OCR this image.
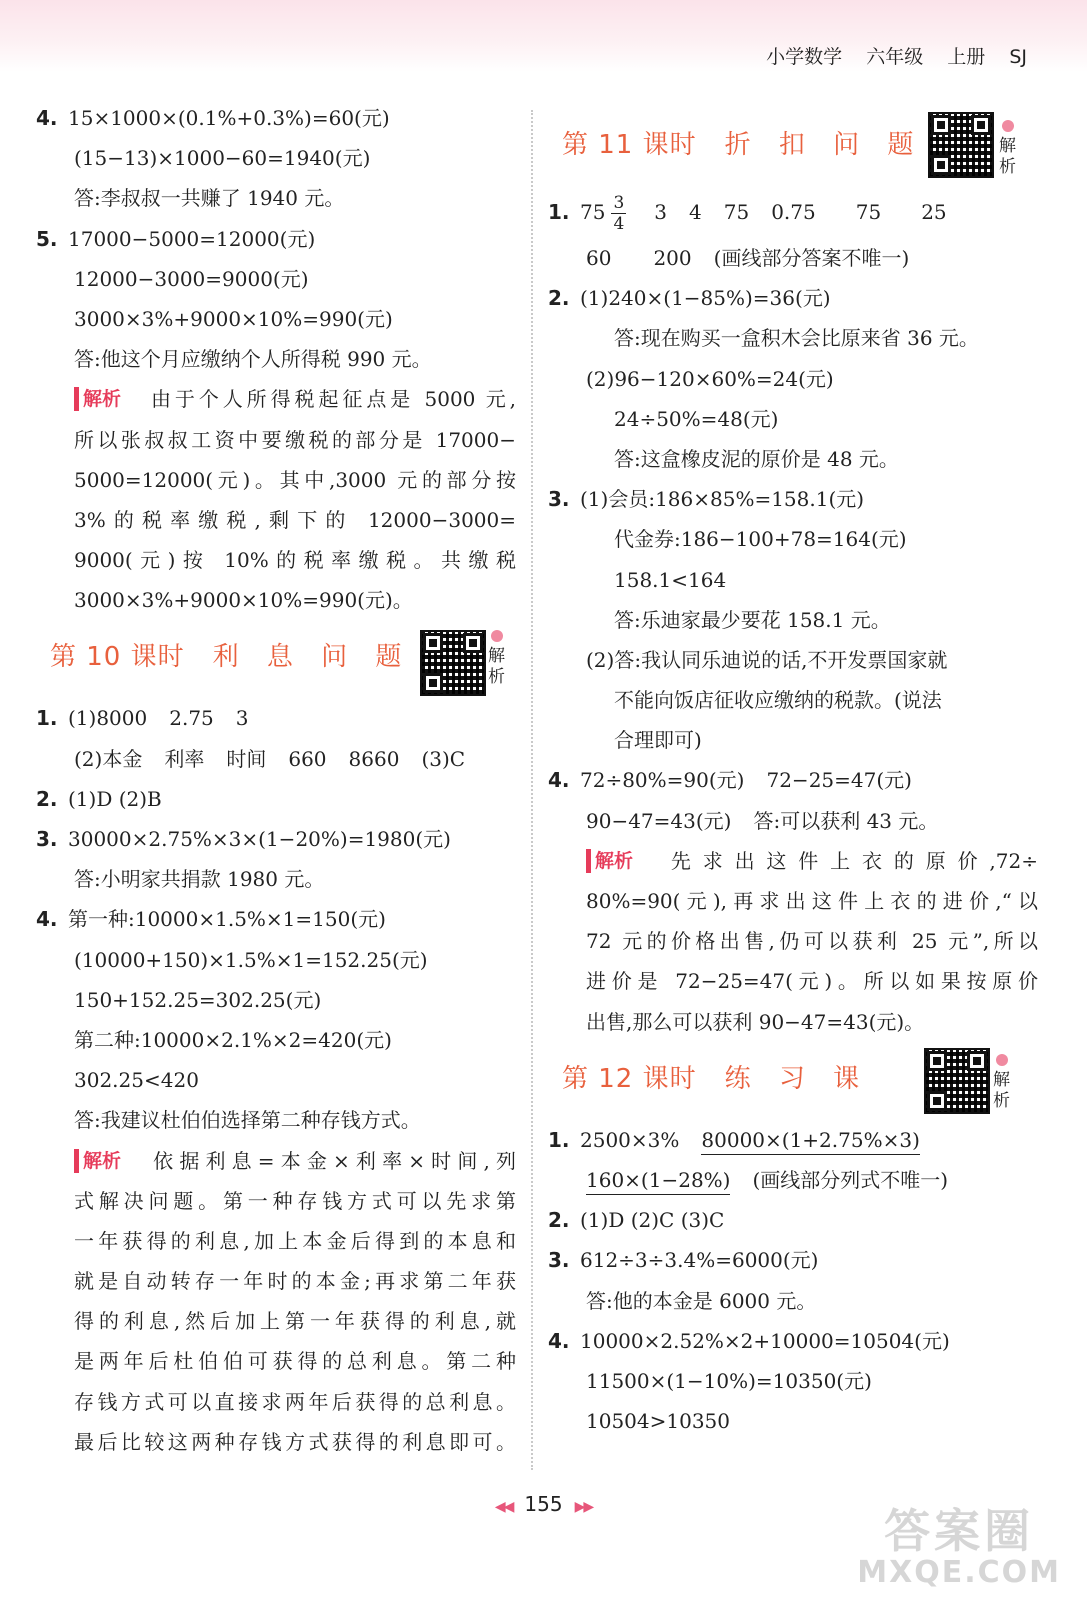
小学数学 六年级 上册 SJ
4. 15×1000×(0.1%+0.3%)=60(元)
(15−13)×1000−60=1940(元)
答:李叔叔一共赚了 1940 元。
5. 17000−5000=12000(元)
12000−3000=9000(元)
3000×3%+9000×10%=990(元)
答:他这个月应缴纳个人所得税 990 元。
解析 由于个人所得税起征点是 5000 元,
所以张叔叔工资中要缴税的部分是 17000−
5000=12000(元)。其中,3000 元的部分按
3%的税率缴税,剩下的 12000−3000=
9000(元)按 10%的税率缴税。共缴税
3000×3%+9000×10%=990(元)。
第 10 课时 利 息 问 题	解析
1. (1)8000 2.75 3
(2)本金 利率 时间 660 8660 (3)C
2. (1)D (2)B
3. 30000×2.75%×3×(1−20%)=1980(元)
答:小明家共捐款 1980 元。
4. 第一种:10000×1.5%×1=150(元)
(10000+150)×1.5%×1=152.25(元)
150+152.25=302.25(元)
第二种:10000×2.1%×2=420(元)
302.25<420
答:我建议杜伯伯选择第二种存钱方式。
解析 依据利息=本金×利率×时间,列
式解决问题。第一种存钱方式可以先求第
一年获得的利息,加上本金后得到的本息和
就是自动转存一年时的本金;再求第二年获
得的利息,然后加上第一年获得的利息,就
是两年后杜伯伯可获得的总利息。第二种
存钱方式可以直接求两年后获得的总利息。
最后比较这两种存钱方式获得的利息即可。
第 11 课时 折 扣 问 题	解析
1. $75 \frac{3}{4} 3$ 4 75 0.75 75 25
60 200 (画线部分答案不唯一)
2. (1)240×(1−85%)=36(元)
答:现在购买一盒积木会比原来省 36 元。
(2)96−120×60%=24(元)
24÷50%=48(元)
答:这盒橡皮泥的原价是 48 元。
3. (1)会员:186×85%=158.1(元)
代金券:186−100+78=164(元)
158.1<164
答:乐迪家最少要花 158.1 元。
(2)答:我认同乐迪说的话,不开发票国家就
不能向饭店征收应缴纳的税款。(说法
合理即可)
4. 72÷80%=90(元) 72−25=47(元)
90−47=43(元) 答:可以获利 43 元。
解析 先求出这件上衣的原价,72÷
80%=90(元),再求出这件上衣的进价,“以
72 元的价格出售,仍可以获利 25 元”,所以
进价是 72−25=47(元)。所以如果按原价
出售,那么可以获利 90−47=43(元)。
第 12 课时 练 习 课	解析
1. 2500×3% 80000×(1+2.75%×3)
160×(1−28%) (画线部分列式不唯一)
2. (1)D (2)C (3)C
3. 612÷3÷3.4%=6000(元)
答:他的本金是 6000 元。
4. 10000×2.52%×2+10000=10504(元)
11500×(1−10%)=10350(元)
10504>10350
◀◀ 155 ▶▶	答案圈
MXQE.COM
